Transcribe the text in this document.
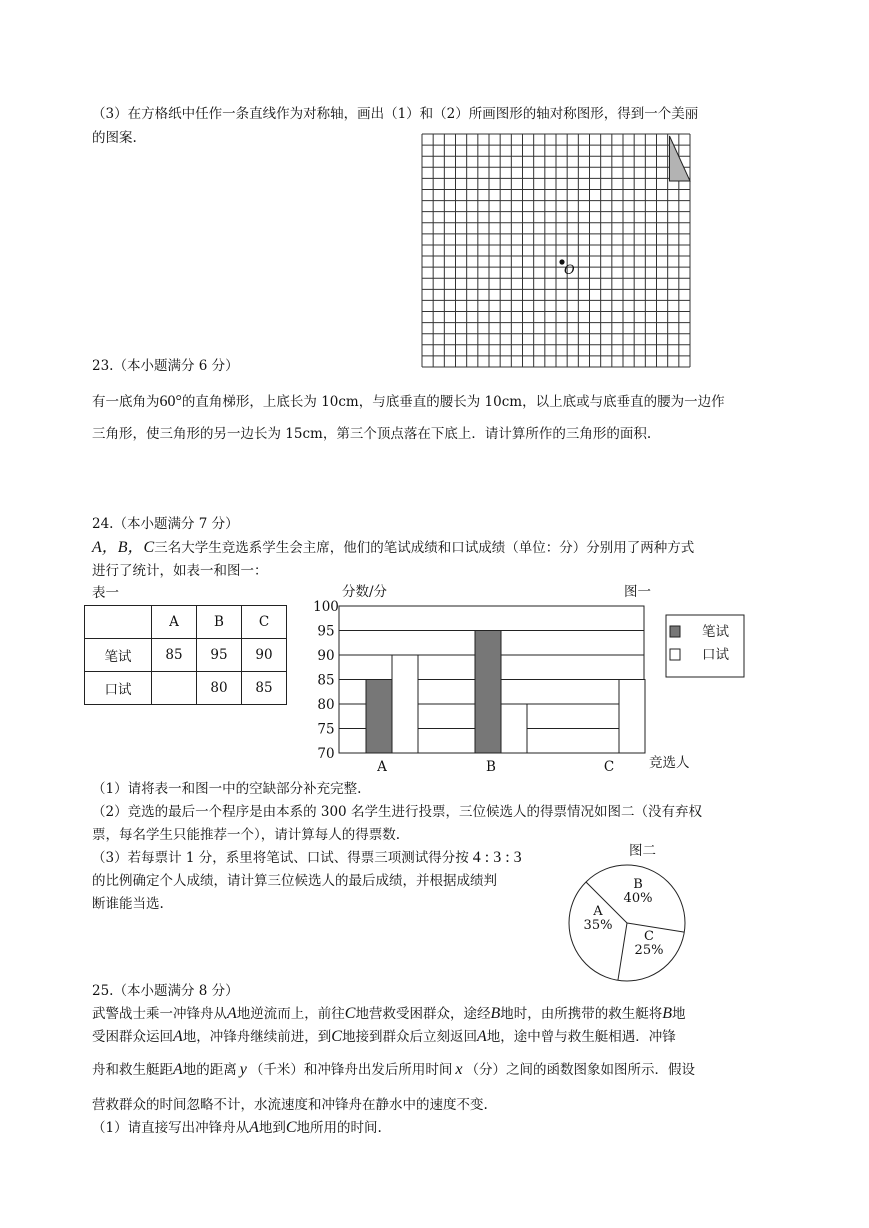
（3）在方格纸中任作一条直线作为对称轴，画出（1）和（2）所画图形的轴对称图形，得到一个美丽
的图案.
O
23.（本小题满分 6 分）
有一底角为60°的直角梯形，上底长为 10cm，与底垂直的腰长为 10cm，以上底或与底垂直的腰为一边作
三角形，使三角形的另一边长为 15cm，第三个顶点落在下底上．请计算所作的三角形的面积.
24.（本小题满分 7 分）
A，B，C三名大学生竞选系学生会主席，他们的笔试成绩和口试成绩（单位：分）分别用了两种方式
进行了统计，如表一和图一：
表一
	A	B	C
笔试	85	95	90
口试		80	85
分数/分	图一
70
75
80
85
90
95
100
A	B	C	竞选人
笔试
口试
（1）请将表一和图一中的空缺部分补充完整.
（2）竞选的最后一个程序是由本系的 300 名学生进行投票，三位候选人的得票情况如图二（没有弃权
票，每名学生只能推荐一个），请计算每人的得票数.
（3）若每票计 1 分，系里将笔试、口试、得票三项测试得分按 4 : 3 : 3
的比例确定个人成绩，请计算三位候选人的最后成绩，并根据成绩判
断谁能当选.
图二
A
35%
B
40%
C
25%
25.（本小题满分 8 分）
武警战士乘一冲锋舟从A地逆流而上，前往C地营救受困群众，途经B地时，由所携带的救生艇将B地
受困群众运回A地，冲锋舟继续前进，到C地接到群众后立刻返回A地，途中曾与救生艇相遇．冲锋
舟和救生艇距A地的距离 y （千米）和冲锋舟出发后所用时间 x （分）之间的函数图象如图所示．假设
营救群众的时间忽略不计，水流速度和冲锋舟在静水中的速度不变.
（1）请直接写出冲锋舟从A地到C地所用的时间.
